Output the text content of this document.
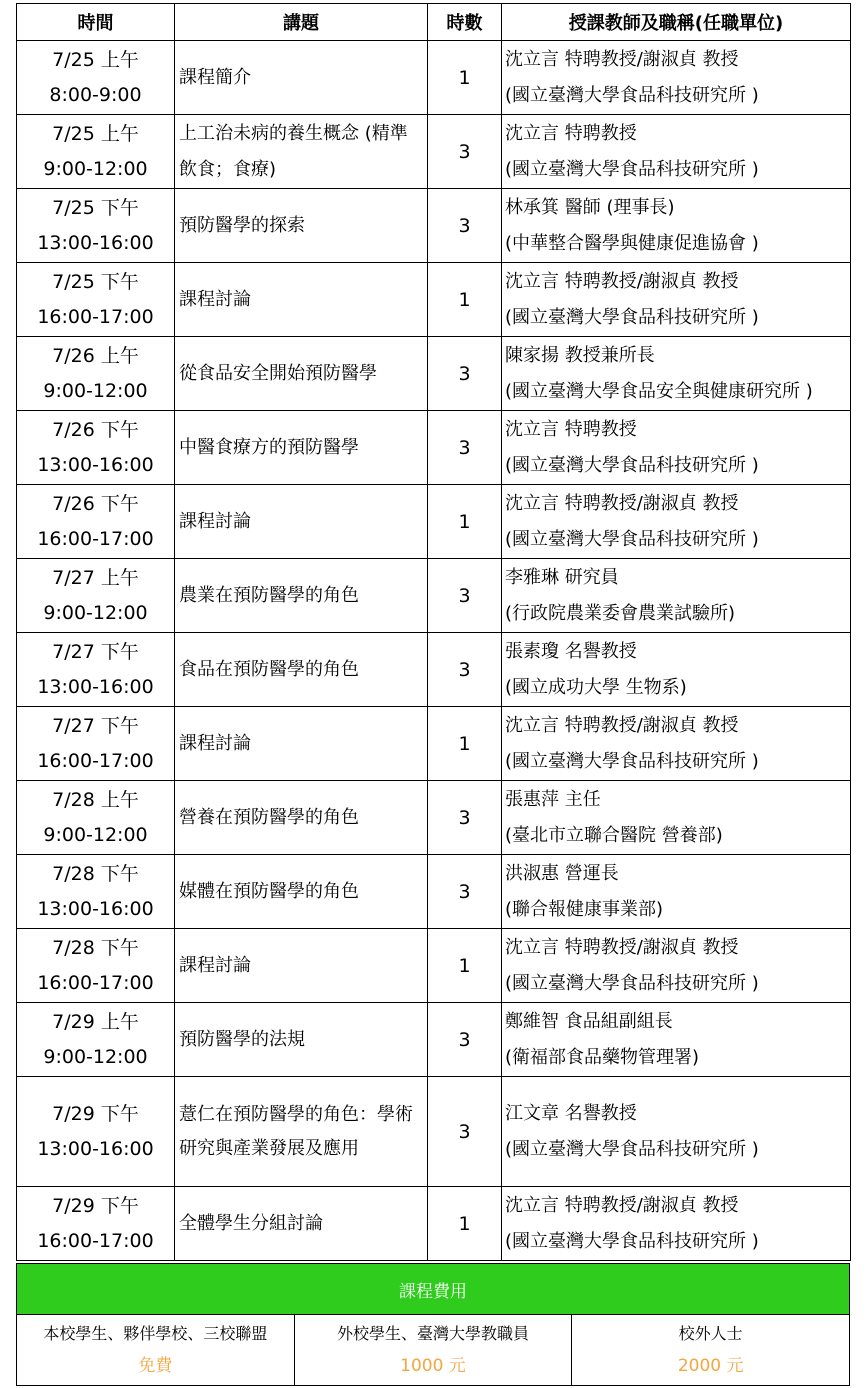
時間	講題	時數	授課教師及職稱(任職單位)

7/25 上午
8:00-9:00	課程簡介	1	沈立言 特聘教授/謝淑貞 教授
(國立臺灣大學食品科技研究所 )

7/25 上午
9:00-12:00	上工治未病的養生概念 (精準飲食；食療)	3	沈立言 特聘教授
(國立臺灣大學食品科技研究所 )

7/25 下午
13:00-16:00	預防醫學的探索	3	林承箕 醫師 (理事長)
(中華整合醫學與健康促進協會 )

7/25 下午
16:00-17:00	課程討論	1	沈立言 特聘教授/謝淑貞 教授
(國立臺灣大學食品科技研究所 )

7/26 上午
9:00-12:00	從食品安全開始預防醫學	3	陳家揚 教授兼所長
(國立臺灣大學食品安全與健康研究所 )

7/26 下午
13:00-16:00	中醫食療方的預防醫學	3	沈立言 特聘教授
(國立臺灣大學食品科技研究所 )

7/26 下午
16:00-17:00	課程討論	1	沈立言 特聘教授/謝淑貞 教授
(國立臺灣大學食品科技研究所 )

7/27 上午
9:00-12:00	農業在預防醫學的角色	3	李雅琳 研究員
(行政院農業委會農業試驗所)

7/27 下午
13:00-16:00	食品在預防醫學的角色	3	張素瓊 名譽教授
(國立成功大學 生物系)

7/27 下午
16:00-17:00	課程討論	1	沈立言 特聘教授/謝淑貞 教授
(國立臺灣大學食品科技研究所 )

7/28 上午
9:00-12:00	營養在預防醫學的角色	3	張惠萍 主任
(臺北市立聯合醫院 營養部)

7/28 下午
13:00-16:00	媒體在預防醫學的角色	3	洪淑惠 營運長
(聯合報健康事業部)

7/28 下午
16:00-17:00	課程討論	1	沈立言 特聘教授/謝淑貞 教授
(國立臺灣大學食品科技研究所 )

7/29 上午
9:00-12:00	預防醫學的法規	3	鄭維智 食品組副組長
(衛福部食品藥物管理署)

7/29 下午
13:00-16:00	薏仁在預防醫學的角色：學術研究與產業發展及應用	3	江文章 名譽教授
(國立臺灣大學食品科技研究所 )

7/29 下午
16:00-17:00	全體學生分組討論	1	沈立言 特聘教授/謝淑貞 教授
(國立臺灣大學食品科技研究所 )
課程費用

本校學生、夥伴學校、三校聯盟
免費

外校學生、臺灣大學教職員
1000 元

校外人士
2000 元
